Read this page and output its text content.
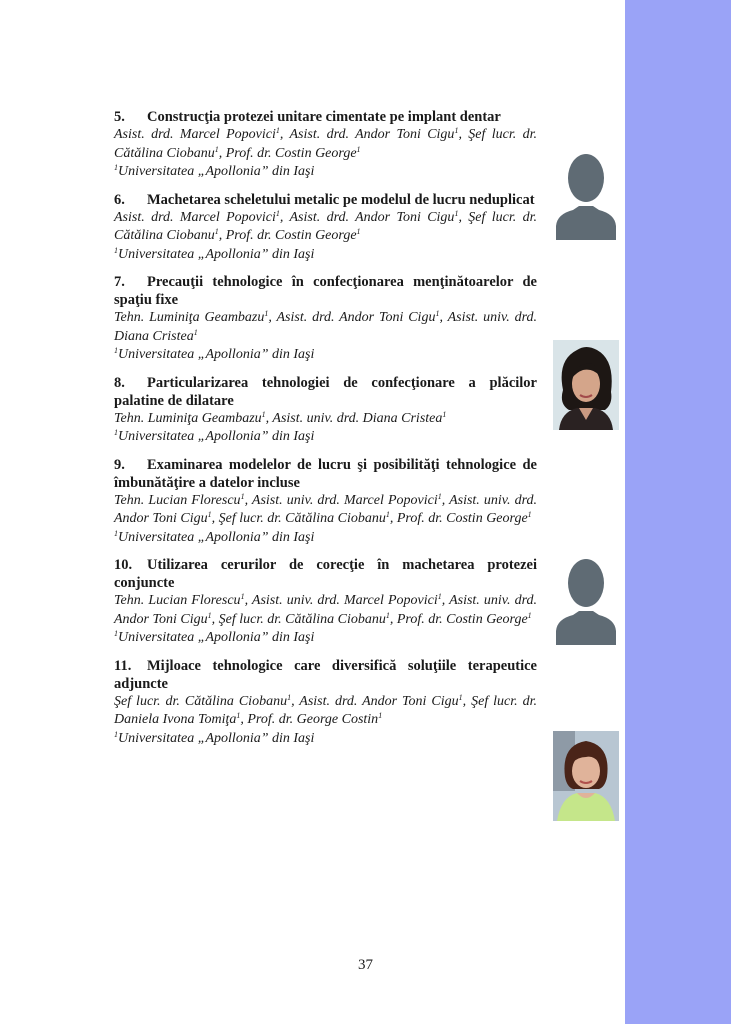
5. Construcţia protezei unitare cimentate pe implant dentar
Asist. drd. Marcel Popovici$^1$, Asist. drd. Andor Toni Cigu$^1$, Şef lucr. dr. Cătălina Ciobanu$^1$, Prof. dr. Costin George$^1$
$^1$Universitatea „Apollonia” din Iaşi
6. Machetarea scheletului metalic pe modelul de lucru neduplicat
Asist. drd. Marcel Popovici$^1$, Asist. drd. Andor Toni Cigu$^1$, Şef lucr. dr. Cătălina Ciobanu$^1$, Prof. dr. Costin George$^1$
$^1$Universitatea „Apollonia” din Iaşi
7. Precauţii tehnologice în confecţionarea menţinătoarelor de spaţiu fixe
Tehn. Luminiţa Geambazu$^1$, Asist. drd. Andor Toni Cigu$^1$, Asist. univ. drd. Diana Cristea$^1$
$^1$Universitatea „Apollonia” din Iaşi
8. Particularizarea tehnologiei de confecţionare a plăcilor palatine de dilatare
Tehn. Luminiţa Geambazu$^1$, Asist. univ. drd. Diana Cristea$^1$
$^1$Universitatea „Apollonia” din Iaşi
9. Examinarea modelelor de lucru şi posibilităţi tehnologice de îmbunătăţire a datelor incluse
Tehn. Lucian Florescu$^1$, Asist. univ. drd. Marcel Popovici$^1$, Asist. univ. drd. Andor Toni Cigu$^1$, Şef lucr. dr. Cătălina Ciobanu$^1$, Prof. dr. Costin George$^1$
$^1$Universitatea „Apollonia” din Iaşi
10. Utilizarea cerurilor de corecţie în machetarea protezei conjuncte
Tehn. Lucian Florescu$^1$, Asist. univ. drd. Marcel Popovici$^1$, Asist. univ. drd. Andor Toni Cigu$^1$, Şef lucr. dr. Cătălina Ciobanu$^1$, Prof. dr. Costin George$^1$
$^1$Universitatea „Apollonia” din Iaşi
11. Mijloace tehnologice care diversifică soluţiile terapeutice adjuncte
Şef lucr. dr. Cătălina Ciobanu$^1$, Asist. drd. Andor Toni Cigu$^1$, Şef lucr. dr. Daniela Ivona Tomiţa$^1$, Prof. dr. George Costin$^1$
$^1$Universitatea „Apollonia” din Iaşi
37
